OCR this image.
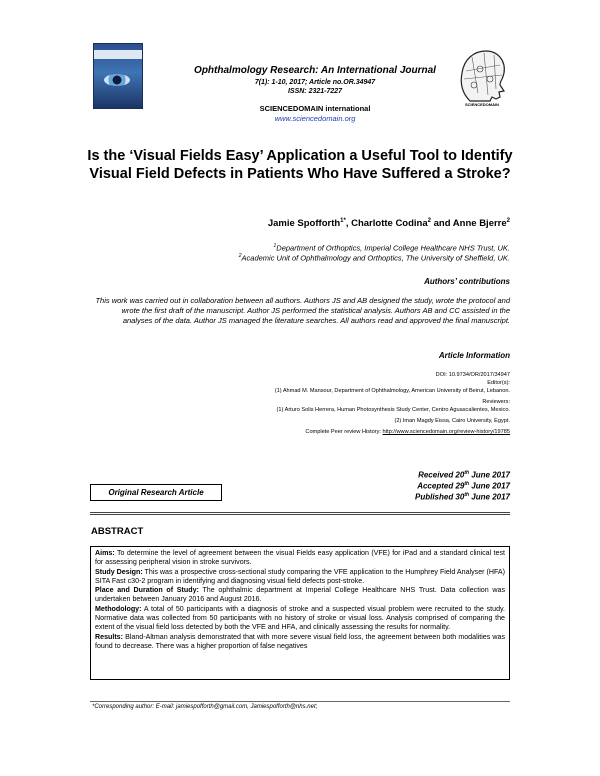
Ophthalmology Research: An International Journal
7(1): 1-10, 2017; Article no.OR.34947
ISSN: 2321-7227
SCIENCEDOMAIN international
www.sciencedomain.org
SCIENCEDOMAIN
Is the ‘Visual Fields Easy’ Application a Useful Tool to Identify Visual Field Defects in Patients Who Have Suffered a Stroke?
Jamie Spofforth$^{1*}$, Charlotte Codina$^2$ and Anne Bjerre$^2$
$^1$Department of Orthoptics, Imperial College Healthcare NHS Trust, UK.
$^2$Academic Unit of Ophthalmology and Orthoptics, The University of Sheffield, UK.
Authors’ contributions
This work was carried out in collaboration between all authors. Authors JS and AB designed the study, wrote the protocol and wrote the first draft of the manuscript. Author JS performed the statistical analysis. Authors AB and CC assisted in the analyses of the data. Author JS managed the literature searches. All authors read and approved the final manuscript.
Article Information
DOI: 10.9734/OR/2017/34947
Editor(s):
(1) Ahmad M. Mansour, Department of Ophthalmology, American University of Beirut, Lebanon.
Reviewers:
(1) Arturo Solis Herrera, Human Photosynthesis Study Center, Centro Aguascalientes, Mexico.
(2) Iman Magdy Eissa, Cairo University, Egypt.
Complete Peer review History: http://www.sciencedomain.org/review-history/19785
Received 20th June 2017
Accepted 29th June 2017
Published 30th June 2017
Original Research Article
ABSTRACT

Aims: To determine the level of agreement between the visual Fields easy application (VFE) for iPad and a standard clinical test for assessing peripheral vision in stroke survivors.

Study Design: This was a prospective cross-sectional study comparing the VFE application to the Humphrey Field Analyser (HFA) SITA Fast c30-2 program in identifying and diagnosing visual field defects post-stroke.

Place and Duration of Study: The ophthalmic department at Imperial College Healthcare NHS Trust. Data collection was undertaken between January 2016 and August 2016.

Methodology: A total of 50 participants with a diagnosis of stroke and a suspected visual problem were recruited to the study. Normative data was collected from 50 participants with no history of stroke or visual loss. Analysis comprised of comparing the extent of the visual field loss detected by both the VFE and HFA, and clinically assessing the results for normality.

Results: Bland-Altman analysis demonstrated that with more severe visual field loss, the agreement between both modalities was found to decrease. There was a higher proportion of false negatives

*Corresponding author: E-mail: jamiespofforth@gmail.com, Jamiespofforth@nhs.net;
